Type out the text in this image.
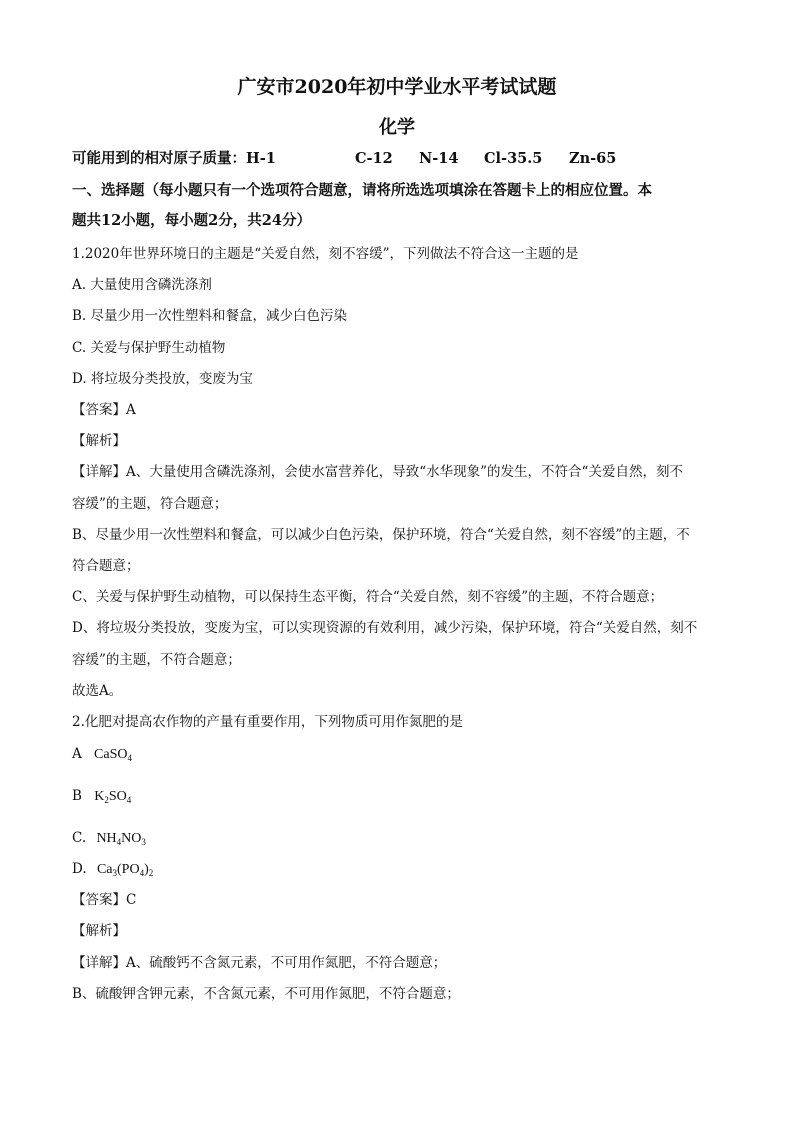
广安市2020年初中学业水平考试试题
化学
可能用到的相对原子质量：H-1	C-12 N-14 Cl-35.5 Zn-65
一、选择题（每小题只有一个选项符合题意，请将所选选项填涂在答题卡上的相应位置。本
题共12小题，每小题2分，共24分）
1.2020年世界环境日的主题是“关爱自然，刻不容缓”，下列做法不符合这一主题的是
A. 大量使用含磷洗涤剂
B. 尽量少用一次性塑料和餐盒，减少白色污染
C. 关爱与保护野生动植物
D. 将垃圾分类投放，变废为宝
【答案】A
【解析】
【详解】A、大量使用含磷洗涤剂，会使水富营养化，导致“水华现象”的发生，不符合“关爱自然，刻不
容缓”的主题，符合题意；
B、尽量少用一次性塑料和餐盒，可以减少白色污染，保护环境，符合“关爱自然，刻不容缓”的主题，不
符合题意；
C、关爱与保护野生动植物，可以保持生态平衡，符合“关爱自然，刻不容缓”的主题，不符合题意；
D、将垃圾分类投放，变废为宝，可以实现资源的有效利用，减少污染，保护环境，符合“关爱自然，刻不
容缓”的主题，不符合题意；
故选A。
2.化肥对提高农作物的产量有重要作用，下列物质可用作氮肥的是
A CaSO$_4$
B $K_2SO_4$
C. $NH_4NO_3$
D. $Ca_3(PO_4)_2$
【答案】C
【解析】
【详解】A、硫酸钙不含氮元素，不可用作氮肥，不符合题意；
B、硫酸钾含钾元素，不含氮元素，不可用作氮肥，不符合题意；
